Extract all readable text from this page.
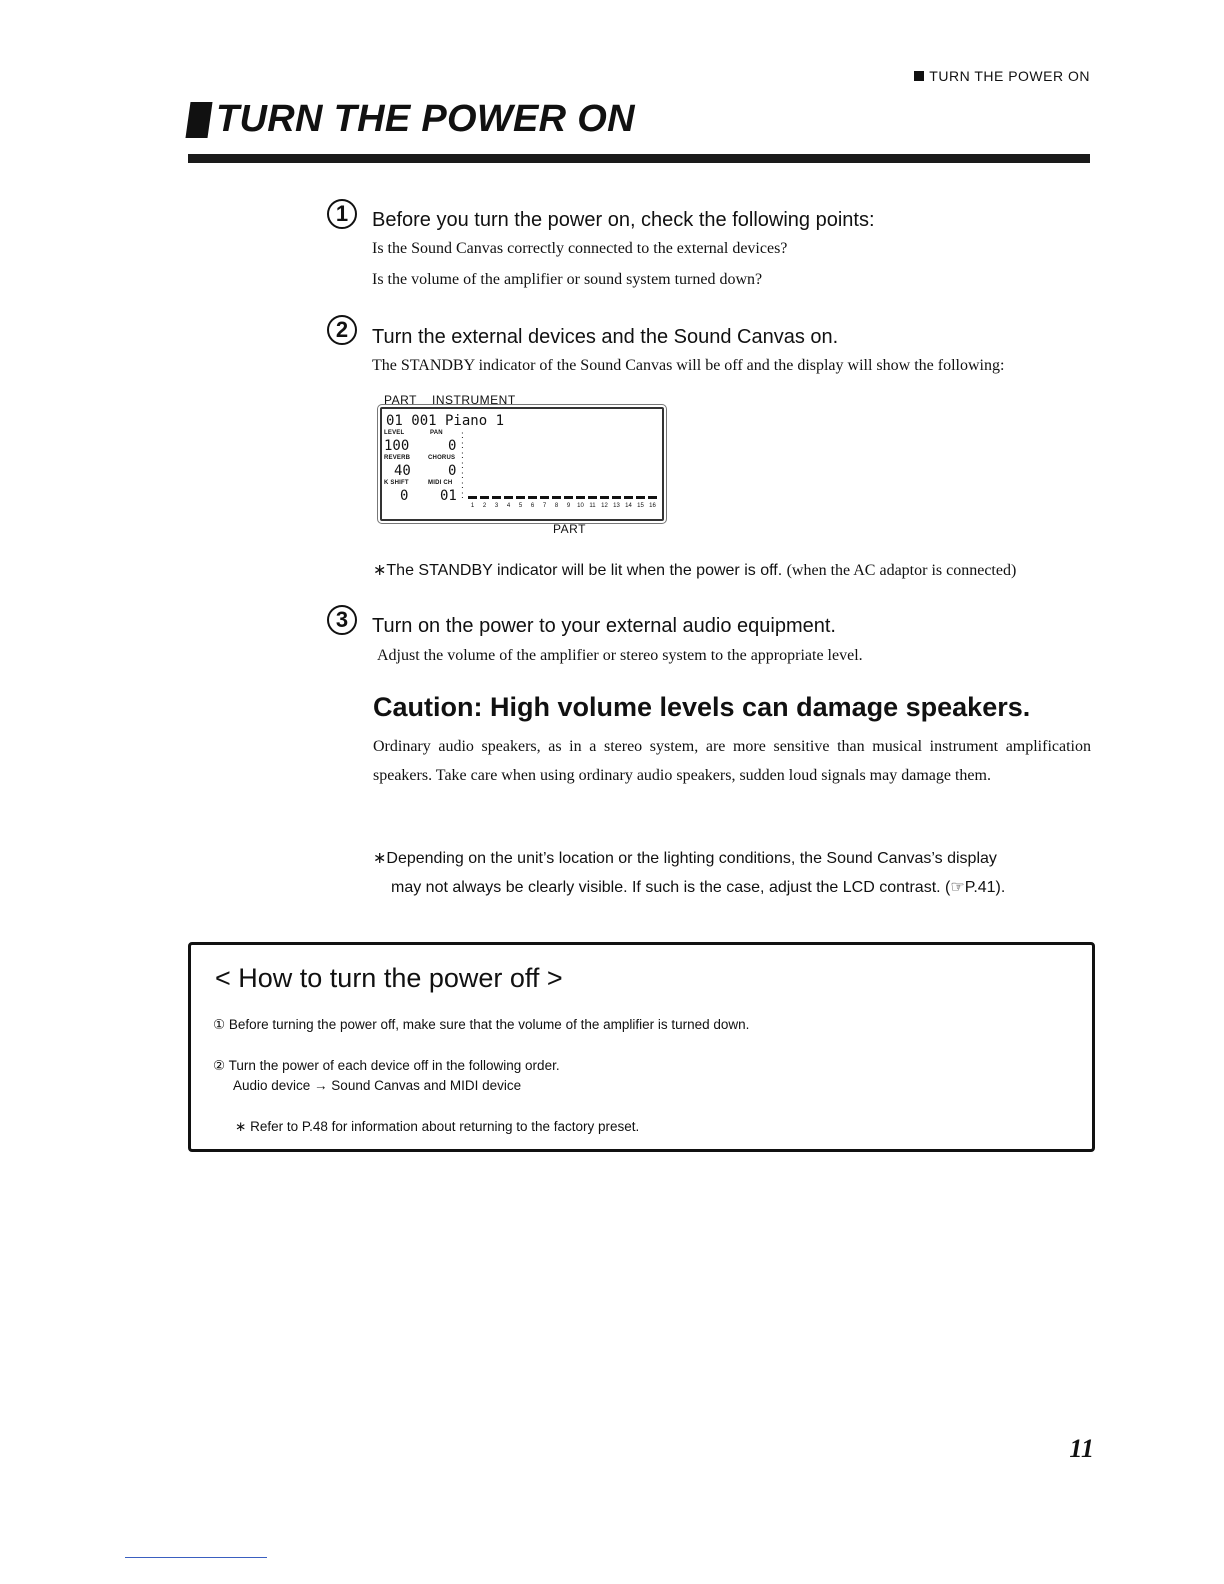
TURN THE POWER ON
TURN THE POWER ON
1	Before you turn the power on, check the following points:
Is the Sound Canvas correctly connected to the external devices?
Is the volume of the amplifier or sound system turned down?
2	Turn the external devices and the Sound Canvas on.
The STANDBY indicator of the Sound Canvas will be off and the display will show the following:
PART INSTRUMENT
01 001 Piano 1
LEVEL	PAN
100	0
REVERB	CHORUS
40	0
K SHIFT	MIDI CH
0 01
:
:
:
:
:
:
:
1	2	3	4	5	6	7	8	9	10 11 12 13 14 15 16
PART
∗The STANDBY indicator will be lit when the power is off. (when the AC adaptor is connected)
3	Turn on the power to your external audio equipment.
Adjust the volume of the amplifier or stereo system to the appropriate level.
Caution: High volume levels can damage speakers.
Ordinary audio speakers, as in a stereo system, are more sensitive than musical instrument amplification speakers. Take care when using ordinary audio speakers, sudden loud signals may damage them.
∗Depending on the unit’s location or the lighting conditions, the Sound Canvas’s display
may not always be clearly visible. If such is the case, adjust the LCD contrast. (☞P.41).
< How to turn the power off >
① Before turning the power off, make sure that the volume of the amplifier is turned down.
② Turn the power of each device off in the following order.
Audio device → Sound Canvas and MIDI device
∗ Refer to P.48 for information about returning to the factory preset.
11
